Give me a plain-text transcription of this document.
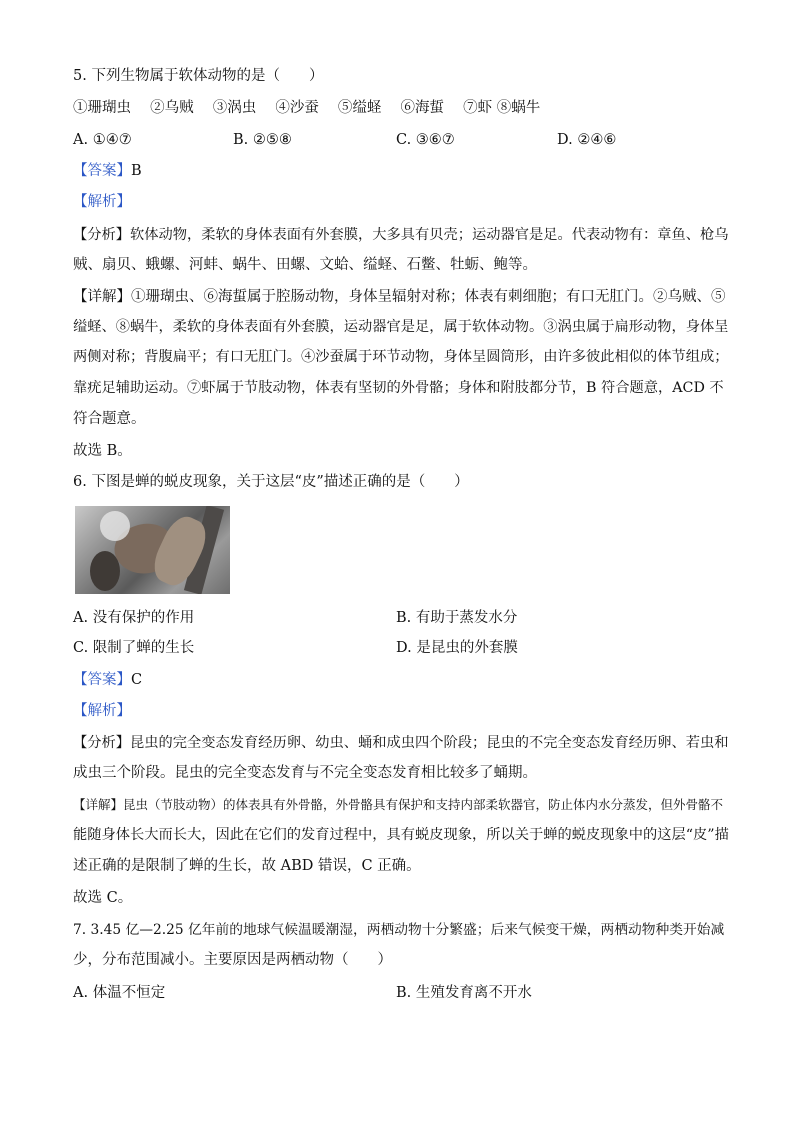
5. 下列生物属于软体动物的是（　　）
①珊瑚虫　 ②乌贼　 ③涡虫　 ④沙蚕　 ⑤缢蛏　 ⑥海蜇　 ⑦虾 ⑧蜗牛
A. ①④⑦	B. ②⑤⑧	C. ③⑥⑦	D. ②④⑥
【答案】B
【解析】
【分析】软体动物，柔软的身体表面有外套膜，大多具有贝壳；运动器官是足。代表动物有：章鱼、枪乌
贼、扇贝、蛾螺、河蚌、蜗牛、田螺、文蛤、缢蛏、石鳖、牡蛎、鲍等。
【详解】①珊瑚虫、⑥海蜇属于腔肠动物，身体呈辐射对称；体表有刺细胞；有口无肛门。②乌贼、⑤
缢蛏、⑧蜗牛，柔软的身体表面有外套膜，运动器官是足，属于软体动物。③涡虫属于扁形动物，身体呈
两侧对称；背腹扁平；有口无肛门。④沙蚕属于环节动物，身体呈圆筒形，由许多彼此相似的体节组成；
靠疣足辅助运动。⑦虾属于节肢动物，体表有坚韧的外骨骼；身体和附肢都分节，B 符合题意，ACD 不
符合题意。
故选 B。
6. 下图是蝉的蜕皮现象，关于这层“皮”描述正确的是（　　）
A. 没有保护的作用	B. 有助于蒸发水分
C. 限制了蝉的生长	D. 是昆虫的外套膜
【答案】C
【解析】
【分析】昆虫的完全变态发育经历卵、幼虫、蛹和成虫四个阶段；昆虫的不完全变态发育经历卵、若虫和
成虫三个阶段。昆虫的完全变态发育与不完全变态发育相比较多了蛹期。
【详解】昆虫（节肢动物）的体表具有外骨骼，外骨骼具有保护和支持内部柔软器官，防止体内水分蒸发，但外骨骼不
能随身体长大而长大，因此在它们的发育过程中，具有蜕皮现象，所以关于蝉的蜕皮现象中的这层“皮”描
述正确的是限制了蝉的生长，故 ABD 错误，C 正确。
故选 C。
7. 3.45 亿—2.25 亿年前的地球气候温暖潮湿，两栖动物十分繁盛；后来气候变干燥，两栖动物种类开始减
少，分布范围减小。主要原因是两栖动物（　　）
A. 体温不恒定	B. 生殖发育离不开水
